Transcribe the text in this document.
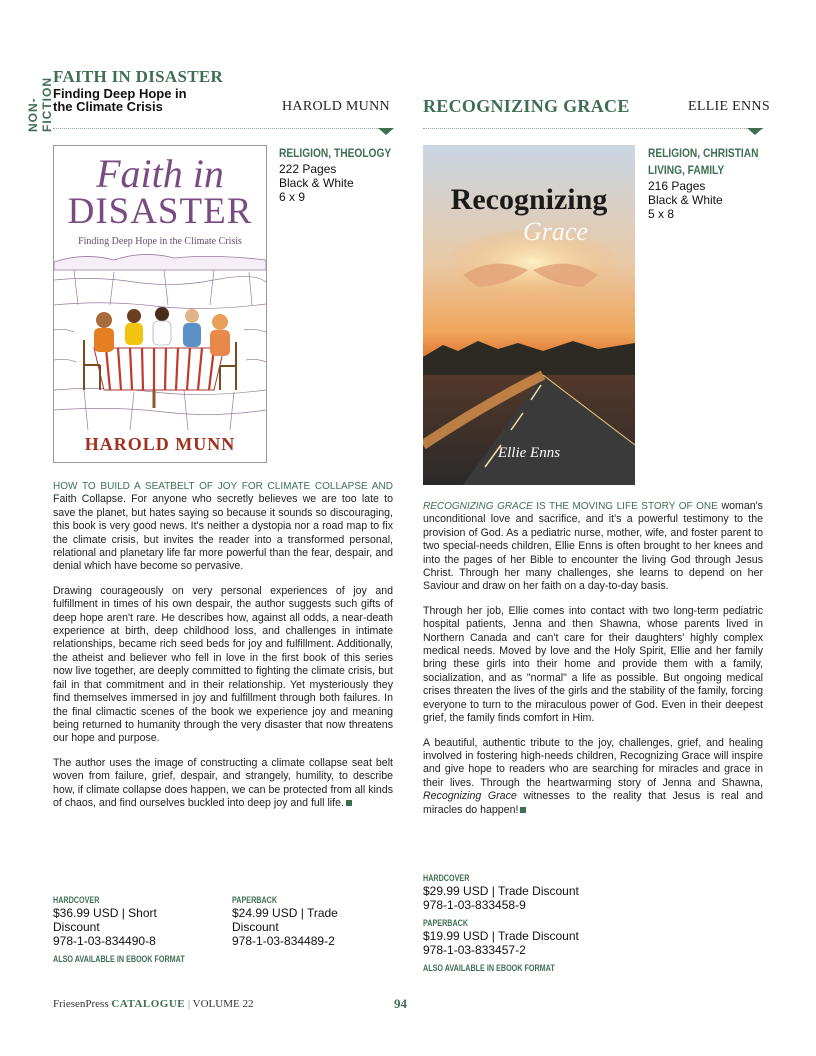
NON-FICTION
FAITH IN DISASTER
Finding Deep Hope in
the Climate Crisis	HAROLD MUNN RECOGNIZING GRACE	ELLIE ENNS
Faith in
DISASTER
Finding Deep Hope in the Climate Crisis
HAROLD MUNN
RELIGION, THEOLOGY
222 Pages
Black & White
6 x 9	Recognizing
Grace
Ellie Enns
RELIGION, CHRISTIAN
LIVING, FAMILY
216 Pages
Black & White
5 x 8

HOW TO BUILD A SEATBELT OF JOY FOR CLIMATE COLLAPSE AND Faith Collapse. For anyone who secretly believes we are too late to save the planet, but hates saying so because it sounds so discouraging, this book is very good news. It's neither a dystopia nor a road map to fix the climate crisis, but invites the reader into a transformed personal, relational and planetary life far more powerful than the fear, despair, and denial which have become so pervasive.

Drawing courageously on very personal experiences of joy and fulfillment in times of his own despair, the author suggests such gifts of deep hope aren't rare. He describes how, against all odds, a near-death experience at birth, deep childhood loss, and challenges in intimate relationships, became rich seed beds for joy and fulfillment. Additionally, the atheist and believer who fell in love in the first book of this series now live together, are deeply committed to fighting the climate crisis, but fail in that commitment and in their relationship. Yet mysteriously they find themselves immersed in joy and fulfillment through both failures. In the final climactic scenes of the book we experience joy and meaning being returned to humanity through the very disaster that now threatens our hope and purpose.

The author uses the image of constructing a climate collapse seat belt woven from failure, grief, despair, and strangely, humility, to describe how, if climate collapse does happen, we can be protected from all kinds of chaos, and find ourselves buckled into deep joy and full life.

RECOGNIZING GRACE IS THE MOVING LIFE STORY OF ONE woman's unconditional love and sacrifice, and it's a powerful testimony to the provision of God. As a pediatric nurse, mother, wife, and foster parent to two special-needs children, Ellie Enns is often brought to her knees and into the pages of her Bible to encounter the living God through Jesus Christ. Through her many challenges, she learns to depend on her Saviour and draw on her faith on a day-to-day basis.

Through her job, Ellie comes into contact with two long-term pediatric hospital patients, Jenna and then Shawna, whose parents lived in Northern Canada and can't care for their daughters' highly complex medical needs. Moved by love and the Holy Spirit, Ellie and her family bring these girls into their home and provide them with a family, socialization, and as "normal" a life as possible. But ongoing medical crises threaten the lives of the girls and the stability of the family, forcing everyone to turn to the miraculous power of God. Even in their deepest grief, the family finds comfort in Him.

A beautiful, authentic tribute to the joy, challenges, grief, and healing involved in fostering high-needs children, Recognizing Grace will inspire and give hope to readers who are searching for miracles and grace in their lives. Through the heartwarming story of Jenna and Shawna, Recognizing Grace witnesses to the reality that Jesus is real and miracles do happen!

HARDCOVER
$36.99 USD | Short
Discount
978-1-03-834490-8
ALSO AVAILABLE IN EBOOK FORMAT
PAPERBACK
$24.99 USD | Trade
Discount
978-1-03-834489-2
HARDCOVER
$29.99 USD | Trade Discount
978-1-03-833458-9
PAPERBACK
$19.99 USD | Trade Discount
978-1-03-833457-2
ALSO AVAILABLE IN EBOOK FORMAT
FriesenPress CATALOGUE | VOLUME 22	94
